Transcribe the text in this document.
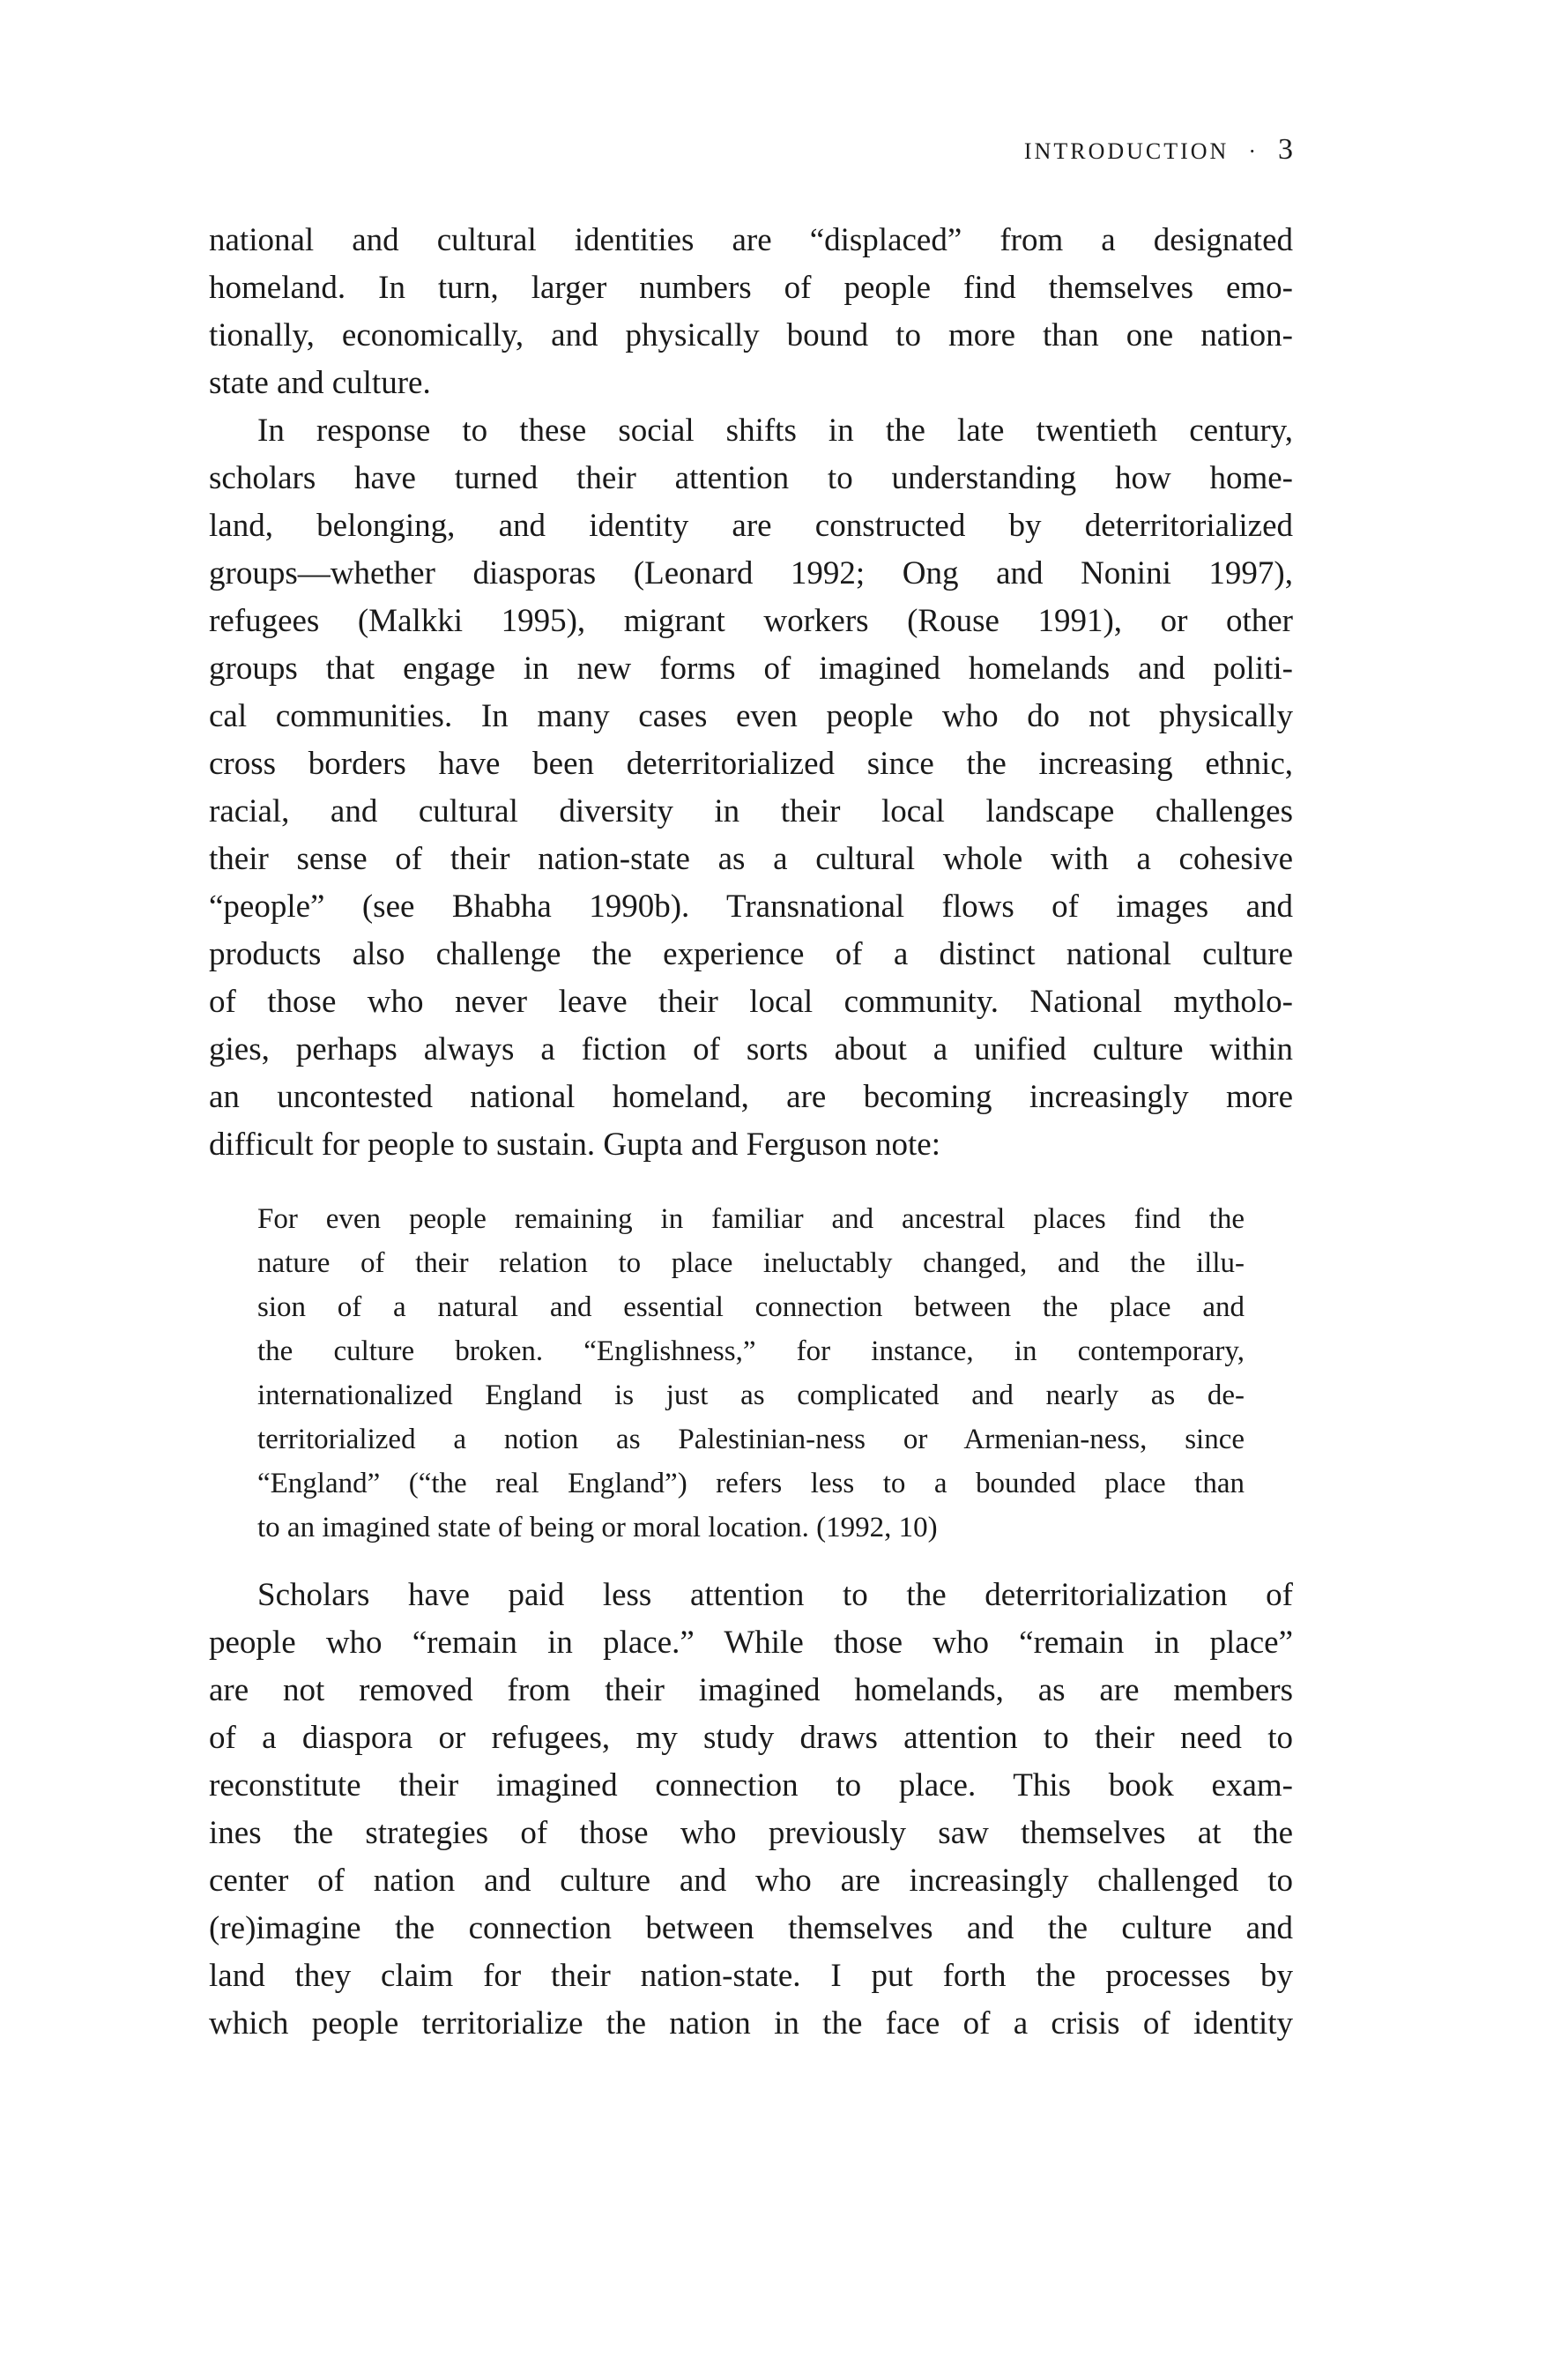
INTRODUCTION · 3
national and cultural identities are “displaced” from a designated
homeland. In turn, larger numbers of people find themselves emo-
tionally, economically, and physically bound to more than one nation-
state and culture.
In response to these social shifts in the late twentieth century,
scholars have turned their attention to understanding how home-
land, belonging, and identity are constructed by deterritorialized
groups—whether diasporas (Leonard 1992; Ong and Nonini 1997),
refugees (Malkki 1995), migrant workers (Rouse 1991), or other
groups that engage in new forms of imagined homelands and politi-
cal communities. In many cases even people who do not physically
cross borders have been deterritorialized since the increasing ethnic,
racial, and cultural diversity in their local landscape challenges
their sense of their nation-state as a cultural whole with a cohesive
“people” (see Bhabha 1990b). Transnational flows of images and
products also challenge the experience of a distinct national culture
of those who never leave their local community. National mytholo-
gies, perhaps always a fiction of sorts about a unified culture within
an uncontested national homeland, are becoming increasingly more
difficult for people to sustain. Gupta and Ferguson note:
For even people remaining in familiar and ancestral places find the
nature of their relation to place ineluctably changed, and the illu-
sion of a natural and essential connection between the place and
the culture broken. “Englishness,” for instance, in contemporary,
internationalized England is just as complicated and nearly as de-
territorialized a notion as Palestinian-ness or Armenian-ness, since
“England” (“the real England”) refers less to a bounded place than
to an imagined state of being or moral location. (1992, 10)
Scholars have paid less attention to the deterritorialization of
people who “remain in place.” While those who “remain in place”
are not removed from their imagined homelands, as are members
of a diaspora or refugees, my study draws attention to their need to
reconstitute their imagined connection to place. This book exam-
ines the strategies of those who previously saw themselves at the
center of nation and culture and who are increasingly challenged to
(re)imagine the connection between themselves and the culture and
land they claim for their nation-state. I put forth the processes by
which people territorialize the nation in the face of a crisis of identity
